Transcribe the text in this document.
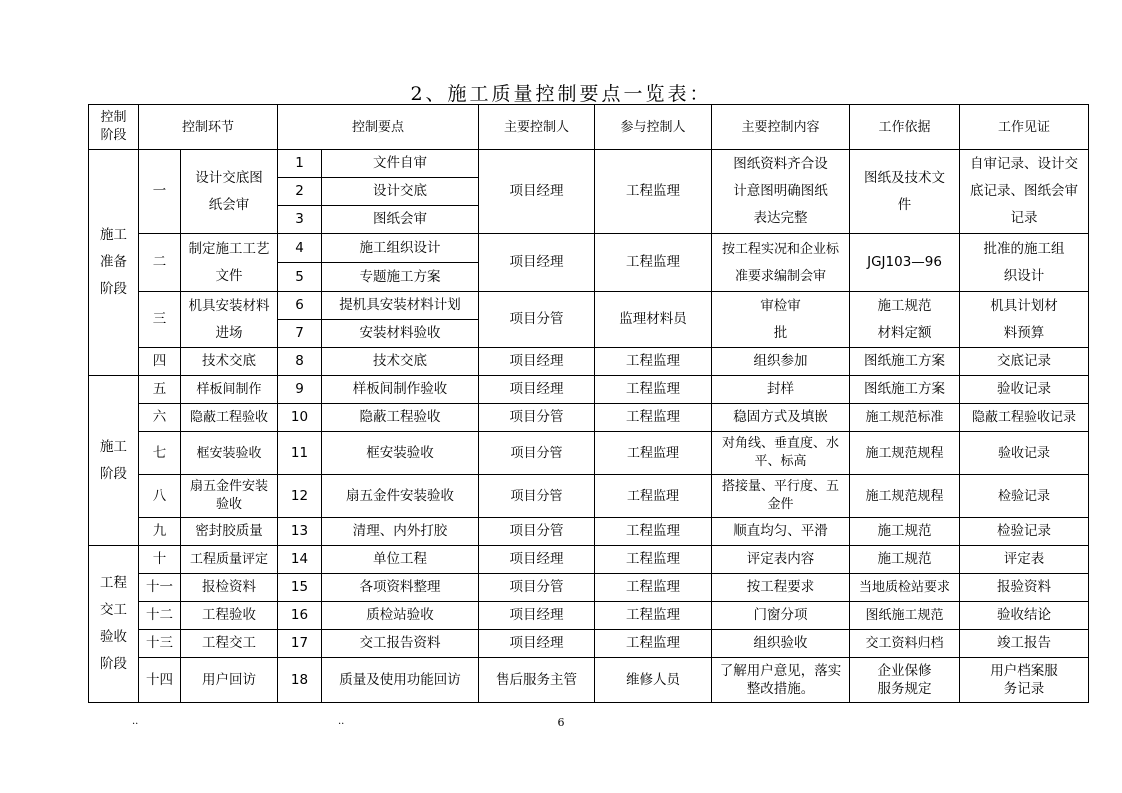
2、施工质量控制要点一览表：
控制阶段	控制环节		控制要点		主要控制人	参与控制人	主要控制内容	工作依据	工作见证
施工准备阶段	一	设计交底图纸会审	1	文件自审	项目经理	工程监理	图纸资料齐合设计意图明确图纸表达完整	图纸及技术文件	自审记录、设计交底记录、图纸会审记录
			2	设计交底					
			3	图纸会审					
	二	制定施工工艺文件	4	施工组织设计	项目经理	工程监理	按工程实况和企业标准要求编制会审	JGJ103—96	批准的施工组织设计
			5	专题施工方案					
	三	机具安装材料进场	6	提机具安装材料计划	项目分管	监理材料员	审检审批	施工规范材料定额	机具计划材料预算
			7	安装材料验收					
	四	技术交底	8	技术交底	项目经理	工程监理	组织参加	图纸施工方案	交底记录
施工阶段	五	样板间制作	9	样板间制作验收	项目经理	工程监理	封样	图纸施工方案	验收记录
	六	隐蔽工程验收	10	隐蔽工程验收	项目分管	工程监理	稳固方式及填嵌	施工规范标准	隐蔽工程验收记录
	七	框安装验收	11	框安装验收	项目分管	工程监理	对角线、垂直度、水平、标高	施工规范规程	验收记录
	八	扇五金件安装验收	12	扇五金件安装验收	项目分管	工程监理	搭接量、平行度、五金件	施工规范规程	检验记录
	九	密封胶质量	13	清理、内外打胶	项目分管	工程监理	顺直均匀、平滑	施工规范	检验记录
工程交工验收阶段	十	工程质量评定	14	单位工程	项目经理	工程监理	评定表内容	施工规范	评定表
	十一	报检资料	15	各项资料整理	项目分管	工程监理	按工程要求	当地质检站要求	报验资料
	十二	工程验收	16	质检站验收	项目经理	工程监理	门窗分项	图纸施工规范	验收结论
	十三	工程交工	17	交工报告资料	项目经理	工程监理	组织验收	交工资料归档	竣工报告
	十四	用户回访	18	质量及使用功能回访	售后服务主管	维修人员	了解用户意见，落实整改措施。	企业保修服务规定	用户档案服务记录
..	..	6
